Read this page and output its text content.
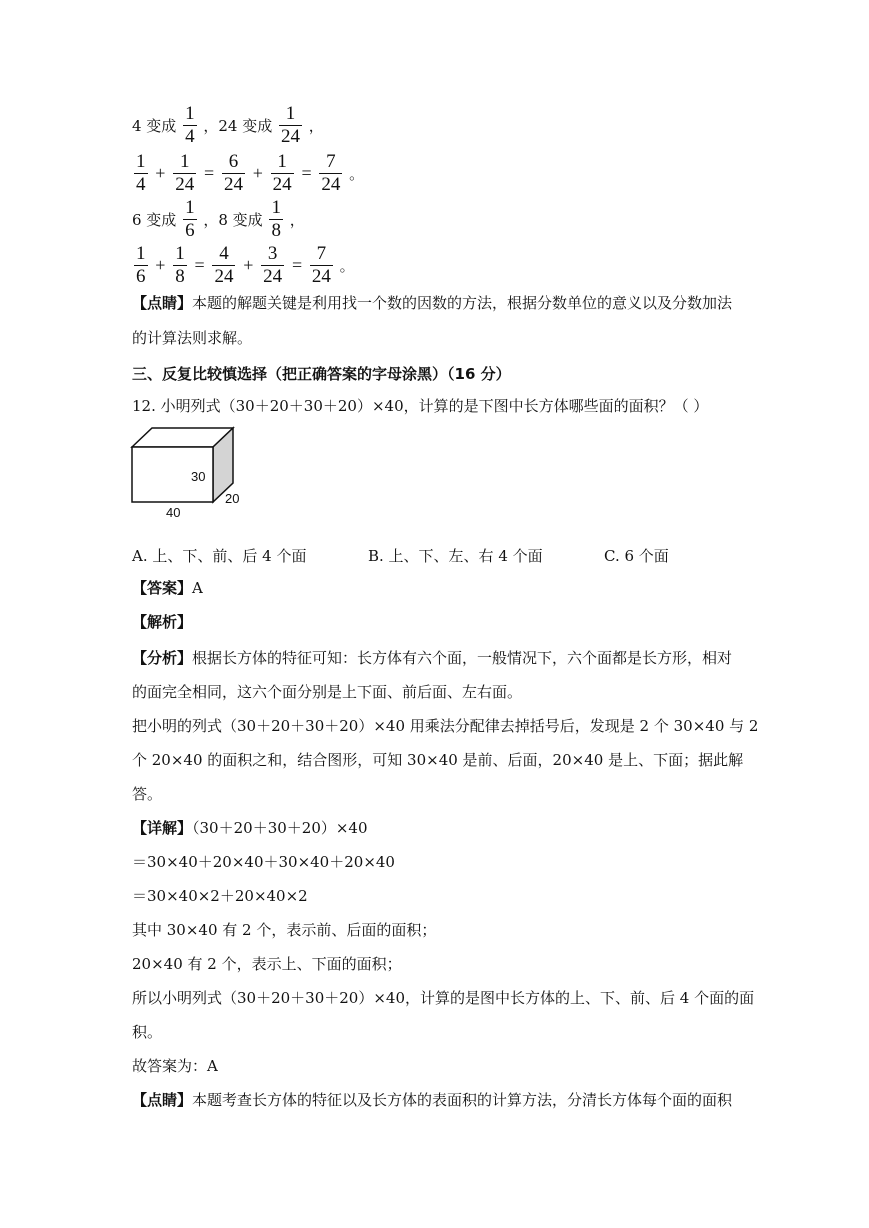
4 变成 $\frac{1}{4}$ ，24 变成 $\frac{1}{24}$ ，
$\frac{1}{4} + \frac{1}{24} = \frac{6}{24} + \frac{1}{24} = \frac{7}{24}$ 。
6 变成 $\frac{1}{6}$ ，8 变成 $\frac{1}{8}$ ，
$\frac{1}{6} + \frac{1}{8} = \frac{4}{24} + \frac{3}{24} = \frac{7}{24}$ 。
【点睛】本题的解题关键是利用找一个数的因数的方法，根据分数单位的意义以及分数加法
的计算法则求解。
三、反复比较慎选择（把正确答案的字母涂黑）（16 分）
12. 小明列式（30＋20＋30＋20）×40，计算的是下图中长方体哪些面的面积？（ ）
30
20
40
A. 上、下、前、后 4 个面	B. 上、下、左、右 4 个面	C. 6 个面
【答案】A
【解析】
【分析】根据长方体的特征可知：长方体有六个面，一般情况下，六个面都是长方形，相对
的面完全相同，这六个面分别是上下面、前后面、左右面。
把小明的列式（30＋20＋30＋20）×40 用乘法分配律去掉括号后，发现是 2 个 30×40 与 2
个 20×40 的面积之和，结合图形，可知 30×40 是前、后面，20×40 是上、下面；据此解
答。
【详解】（30＋20＋30＋20）×40
＝30×40＋20×40＋30×40＋20×40
＝30×40×2＋20×40×2
其中 30×40 有 2 个，表示前、后面的面积；
20×40 有 2 个，表示上、下面的面积；
所以小明列式（30＋20＋30＋20）×40，计算的是图中长方体的上、下、前、后 4 个面的面
积。
故答案为：A
【点睛】本题考查长方体的特征以及长方体的表面积的计算方法，分清长方体每个面的面积
